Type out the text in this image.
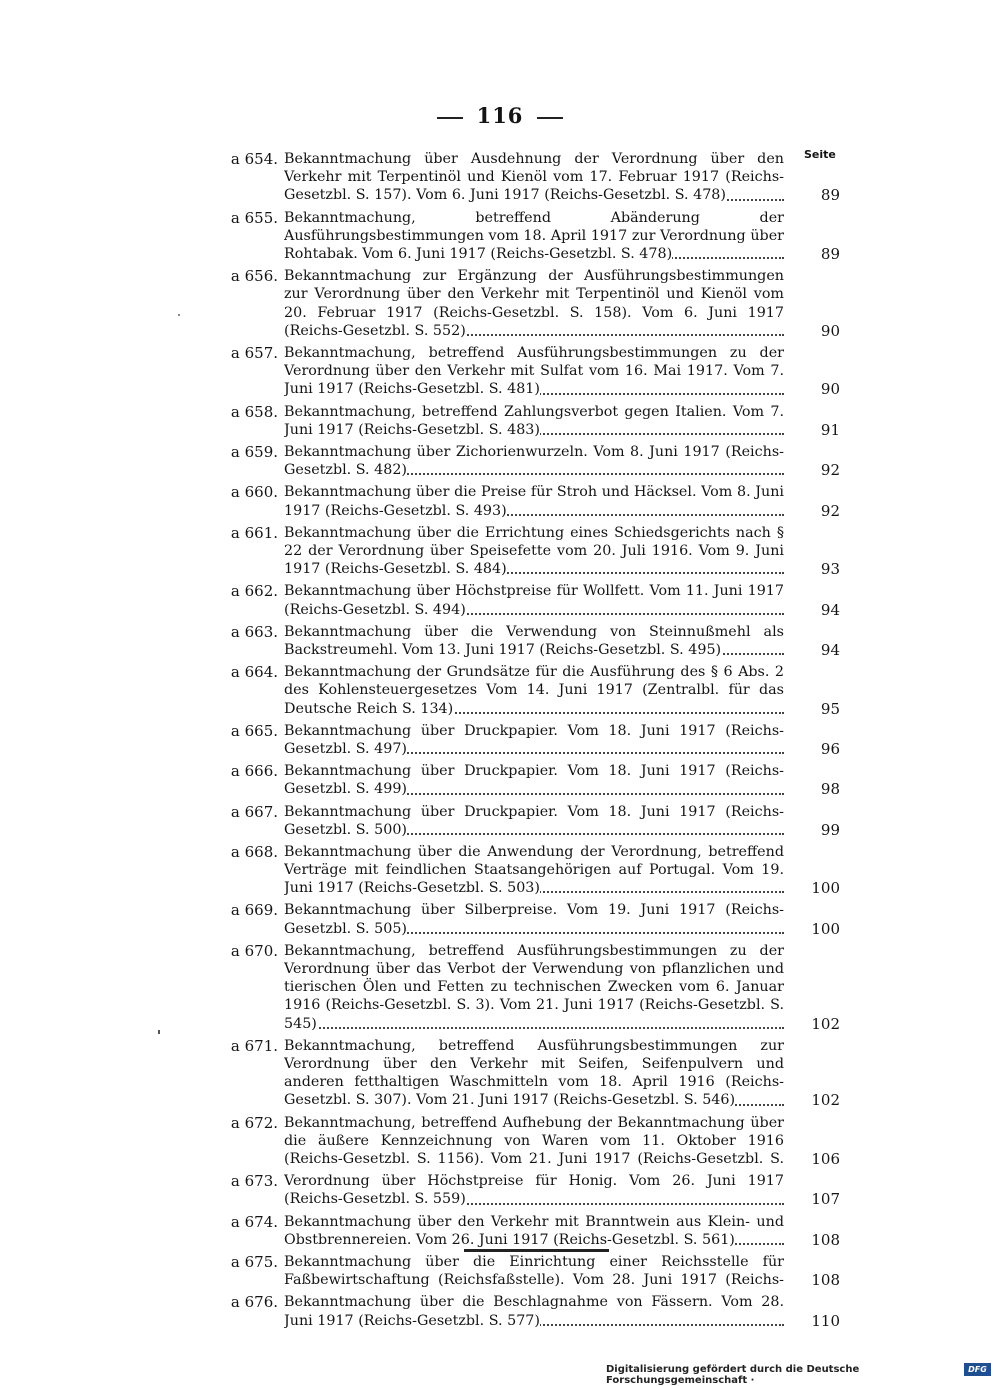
116
Seite
a 654. Bekanntmachung über Ausdehnung der Verordnung über den Verkehr mit Terpentinöl und Kienöl vom 17. Februar 1917 (Reichs-Gesetzbl. S. 157). Vom 6. Juni 1917 (Reichs-Gesetzbl. S. 478)	89
a 655. Bekanntmachung, betreffend Abänderung der Ausführungsbestimmungen vom 18. April 1917 zur Verordnung über Rohtabak. Vom 6. Juni 1917 (Reichs-Gesetzbl. S. 478)	89
a 656. Bekanntmachung zur Ergänzung der Ausführungsbestimmungen zur Verordnung über den Verkehr mit Terpentinöl und Kienöl vom 20. Februar 1917 (Reichs-Gesetzbl. S. 158). Vom 6. Juni 1917 (Reichs-Gesetzbl. S. 552)	90
a 657. Bekanntmachung, betreffend Ausführungsbestimmungen zu der Verordnung über den Verkehr mit Sulfat vom 16. Mai 1917. Vom 7. Juni 1917 (Reichs-Gesetzbl. S. 481)	90
a 658. Bekanntmachung, betreffend Zahlungsverbot gegen Italien. Vom 7. Juni 1917 (Reichs-Gesetzbl. S. 483)	91
a 659. Bekanntmachung über Zichorienwurzeln. Vom 8. Juni 1917 (Reichs-Gesetzbl. S. 482)	92
a 660. Bekanntmachung über die Preise für Stroh und Häcksel. Vom 8. Juni 1917 (Reichs-Gesetzbl. S. 493)	92
a 661. Bekanntmachung über die Errichtung eines Schiedsgerichts nach § 22 der Verordnung über Speisefette vom 20. Juli 1916. Vom 9. Juni 1917 (Reichs-Gesetzbl. S. 484)	93
a 662. Bekanntmachung über Höchstpreise für Wollfett. Vom 11. Juni 1917 (Reichs-Gesetzbl. S. 494)	94
a 663. Bekanntmachung über die Verwendung von Steinnußmehl als Backstreumehl. Vom 13. Juni 1917 (Reichs-Gesetzbl. S. 495)	94
a 664. Bekanntmachung der Grundsätze für die Ausführung des § 6 Abs. 2 des Kohlensteuergesetzes Vom 14. Juni 1917 (Zentralbl. für das Deutsche Reich S. 134)	95
a 665. Bekanntmachung über Druckpapier. Vom 18. Juni 1917 (Reichs-Gesetzbl. S. 497)	96
a 666. Bekanntmachung über Druckpapier. Vom 18. Juni 1917 (Reichs-Gesetzbl. S. 499)	98
a 667. Bekanntmachung über Druckpapier. Vom 18. Juni 1917 (Reichs-Gesetzbl. S. 500)	99
a 668. Bekanntmachung über die Anwendung der Verordnung, betreffend Verträge mit feindlichen Staatsangehörigen auf Portugal. Vom 19. Juni 1917 (Reichs-Gesetzbl. S. 503)	100
a 669. Bekanntmachung über Silberpreise. Vom 19. Juni 1917 (Reichs-Gesetzbl. S. 505)	100
a 670. Bekanntmachung, betreffend Ausführungsbestimmungen zu der Verordnung über das Verbot der Verwendung von pflanzlichen und tierischen Ölen und Fetten zu technischen Zwecken vom 6. Januar 1916 (Reichs-Gesetzbl. S. 3). Vom 21. Juni 1917 (Reichs-Gesetzbl. S. 545)	102
a 671. Bekanntmachung, betreffend Ausführungsbestimmungen zur Verordnung über den Verkehr mit Seifen, Seifenpulvern und anderen fetthaltigen Waschmitteln vom 18. April 1916 (Reichs-Gesetzbl. S. 307). Vom 21. Juni 1917 (Reichs-Gesetzbl. S. 546)	102
a 672. Bekanntmachung, betreffend Aufhebung der Bekanntmachung über die äußere Kennzeichnung von Waren vom 11. Oktober 1916 (Reichs-Gesetzbl. S. 1156). Vom 21. Juni 1917 (Reichs-Gesetzbl. S.	106
a 673. Verordnung über Höchstpreise für Honig. Vom 26. Juni 1917 (Reichs-Gesetzbl. S. 559)	107
a 674. Bekanntmachung über den Verkehr mit Branntwein aus Klein- und Obstbrennereien. Vom 26. Juni 1917 (Reichs-Gesetzbl. S. 561)	108
a 675. Bekanntmachung über die Einrichtung einer Reichsstelle für Faßbewirtschaftung (Reichsfaßstelle). Vom 28. Juni 1917 (Reichs-	108
a 676. Bekanntmachung über die Beschlagnahme von Fässern. Vom 28. Juni 1917 (Reichs-Gesetzbl. S. 577)	110
Digitalisierung gefördert durch die Deutsche Forschungsgemeinschaft ·
DFG
